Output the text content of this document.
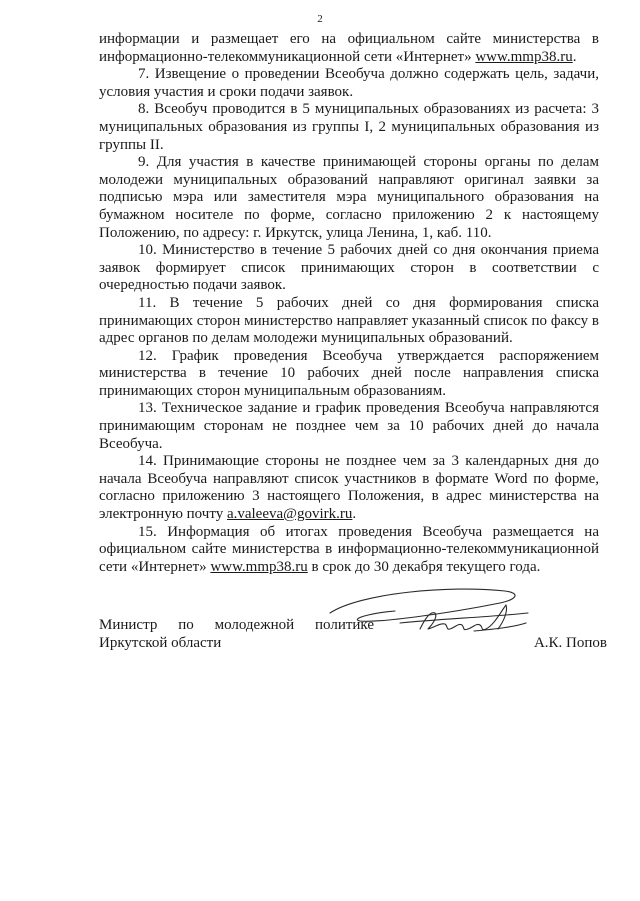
2

информации и размещает его на официальном сайте министерства в информационно-телекоммуникационной сети «Интернет» www.mmp38.ru.

7. Извещение о проведении Всеобуча должно содержать цель, задачи, условия участия и сроки подачи заявок.

8. Всеобуч проводится в 5 муниципальных образованиях из расчета: 3 муниципальных образования из группы I, 2 муниципальных образования из группы II.

9. Для участия в качестве принимающей стороны органы по делам молодежи муниципальных образований направляют оригинал заявки за подписью мэра или заместителя мэра муниципального образования на бумажном носителе по форме, согласно приложению 2 к настоящему Положению, по адресу: г. Иркутск, улица Ленина, 1, каб. 110.

10. Министерство в течение 5 рабочих дней со дня окончания приема заявок формирует список принимающих сторон в соответствии с очередностью подачи заявок.

11. В течение 5 рабочих дней со дня формирования списка принимающих сторон министерство направляет указанный список по факсу в адрес органов по делам молодежи муниципальных образований.

12. График проведения Всеобуча утверждается распоряжением министерства в течение 10 рабочих дней после направления списка принимающих сторон муниципальным образованиям.

13. Техническое задание и график проведения Всеобуча направляются принимающим сторонам не позднее чем за 10 рабочих дней до начала Всеобуча.

14. Принимающие стороны не позднее чем за 3 календарных дня до начала Всеобуча направляют список участников в формате Word по форме, согласно приложению 3 настоящего Положения, в адрес министерства на электронную почту a.valeeva@govirk.ru.

15. Информация об итогах проведения Всеобуча размещается на официальном сайте министерства в информационно-телекоммуникационной сети «Интернет» www.mmp38.ru в срок до 30 декабря текущего года.

Министр по молодежной политике
Иркутской области	А.К. Попов
